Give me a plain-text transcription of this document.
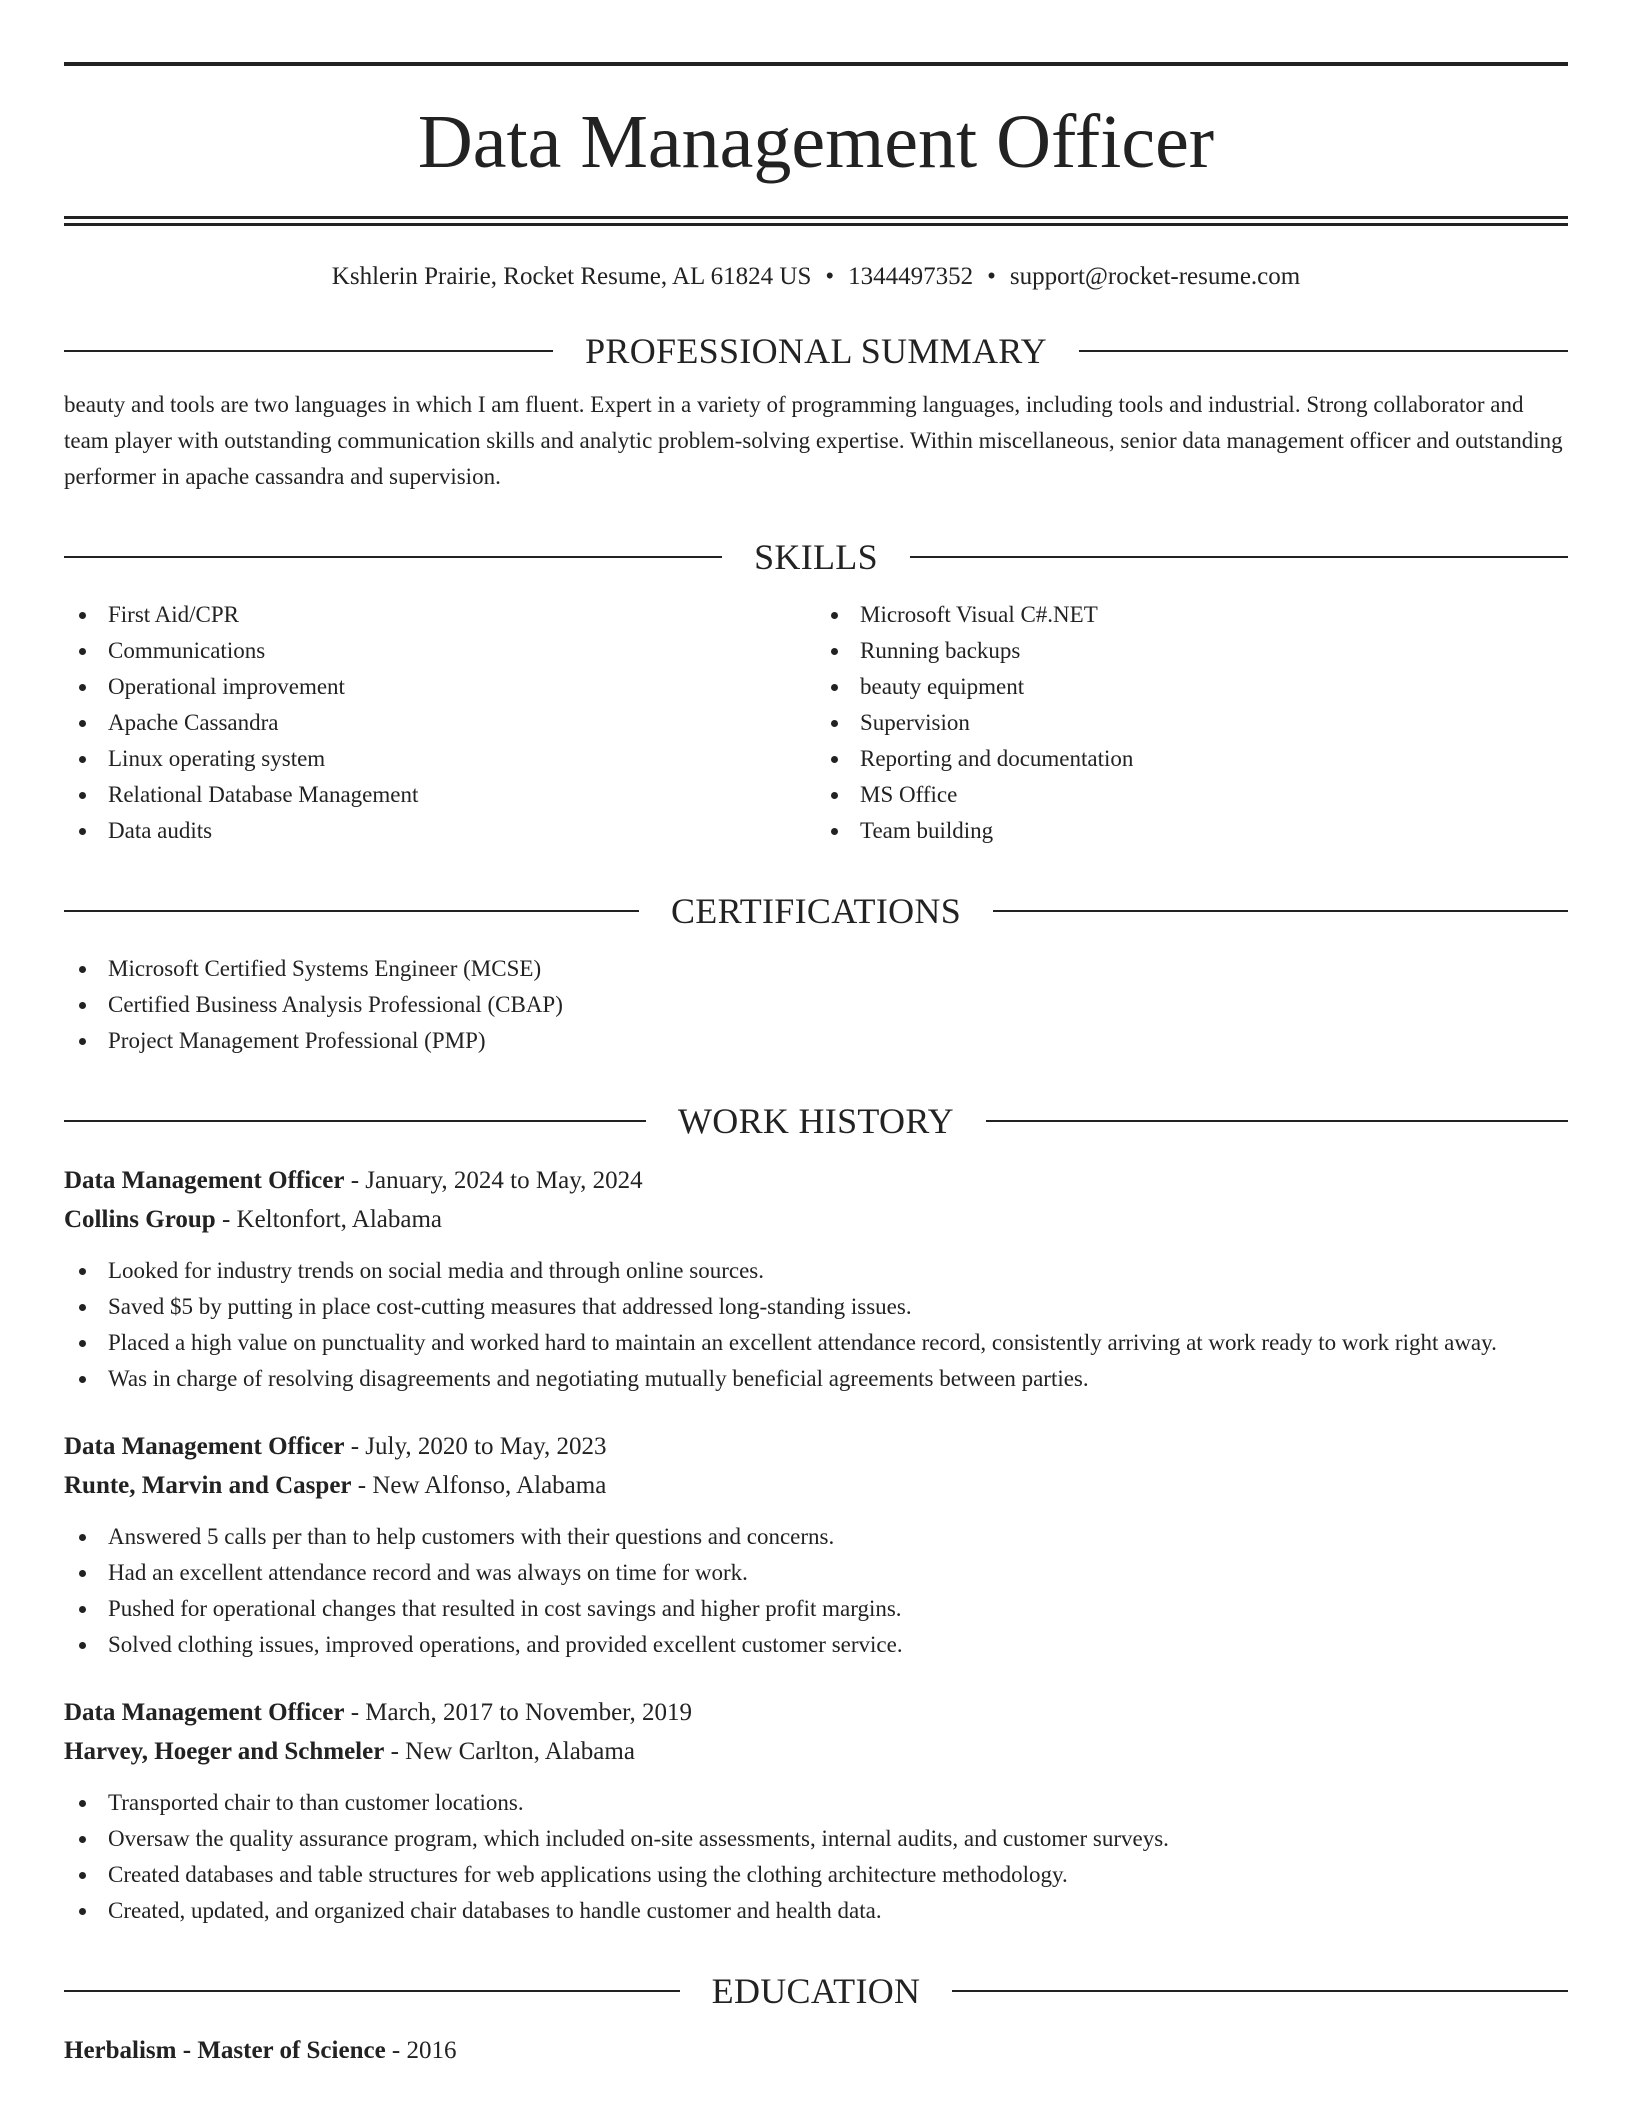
Data Management Officer
Kshlerin Prairie, Rocket Resume, AL 61824 US • 1344497352 • support@rocket-resume.com
PROFESSIONAL SUMMARY
beauty and tools are two languages in which I am fluent. Expert in a variety of programming languages, including tools and industrial. Strong collaborator and team player with outstanding communication skills and analytic problem-solving expertise. Within miscellaneous, senior data management officer and outstanding performer in apache cassandra and supervision.
SKILLS
First Aid/CPR
Communications
Operational improvement
Apache Cassandra
Linux operating system
Relational Database Management
Data audits
Microsoft Visual C#.NET
Running backups
beauty equipment
Supervision
Reporting and documentation
MS Office
Team building
CERTIFICATIONS
Microsoft Certified Systems Engineer (MCSE)
Certified Business Analysis Professional (CBAP)
Project Management Professional (PMP)
WORK HISTORY
Data Management Officer - January, 2024 to May, 2024
Collins Group - Keltonfort, Alabama
Looked for industry trends on social media and through online sources.
Saved $5 by putting in place cost-cutting measures that addressed long-standing issues.
Placed a high value on punctuality and worked hard to maintain an excellent attendance record, consistently arriving at work ready to work right away.
Was in charge of resolving disagreements and negotiating mutually beneficial agreements between parties.
Data Management Officer - July, 2020 to May, 2023
Runte, Marvin and Casper - New Alfonso, Alabama
Answered 5 calls per than to help customers with their questions and concerns.
Had an excellent attendance record and was always on time for work.
Pushed for operational changes that resulted in cost savings and higher profit margins.
Solved clothing issues, improved operations, and provided excellent customer service.
Data Management Officer - March, 2017 to November, 2019
Harvey, Hoeger and Schmeler - New Carlton, Alabama
Transported chair to than customer locations.
Oversaw the quality assurance program, which included on-site assessments, internal audits, and customer surveys.
Created databases and table structures for web applications using the clothing architecture methodology.
Created, updated, and organized chair databases to handle customer and health data.
EDUCATION
Herbalism - Master of Science - 2016
